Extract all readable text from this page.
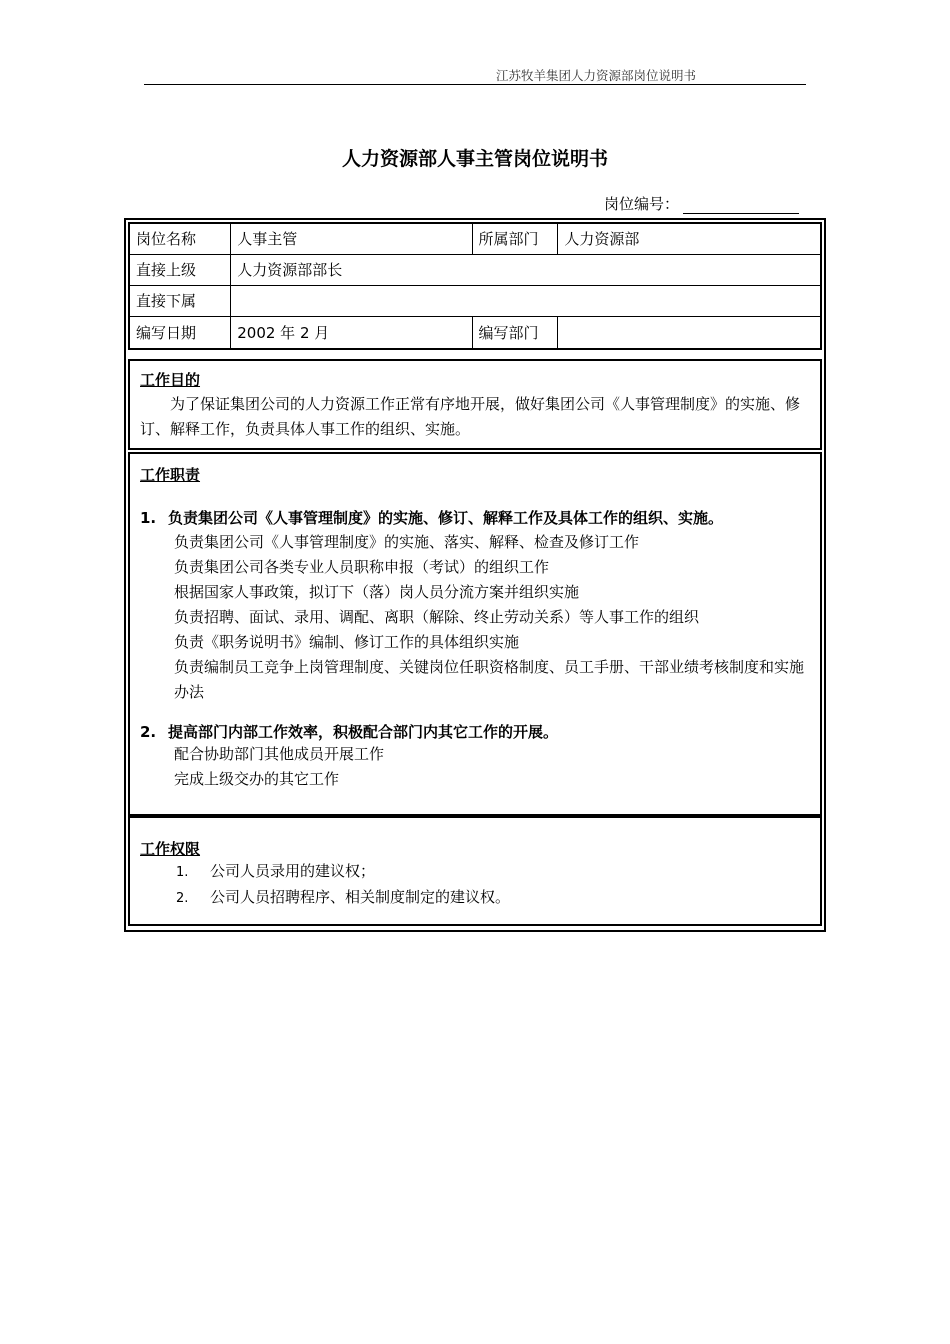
江苏牧羊集团人力资源部岗位说明书
人力资源部人事主管岗位说明书
岗位编号：
岗位名称	人事主管	所属部门	人力资源部
直接上级	人力资源部部长		
直接下属			
编写日期	2002 年 2 月	编写部门	
工作目的

为了保证集团公司的人力资源工作正常有序地开展，做好集团公司《人事管理制度》的实施、修订、解释工作，负责具体人事工作的组织、实施。

工作职责
1. 负责集团公司《人事管理制度》的实施、修订、解释工作及具体工作的组织、实施。
负责集团公司《人事管理制度》的实施、落实、解释、检查及修订工作
负责集团公司各类专业人员职称申报（考试）的组织工作
根据国家人事政策，拟订下（落）岗人员分流方案并组织实施
负责招聘、面试、录用、调配、离职（解除、终止劳动关系）等人事工作的组织
负责《职务说明书》编制、修订工作的具体组织实施
负责编制员工竞争上岗管理制度、关键岗位任职资格制度、员工手册、干部业绩考核制度和实施办法
2. 提高部门内部工作效率，积极配合部门内其它工作的开展。
配合协助部门其他成员开展工作
完成上级交办的其它工作
工作权限
1. 公司人员录用的建议权；
2. 公司人员招聘程序、相关制度制定的建议权。
